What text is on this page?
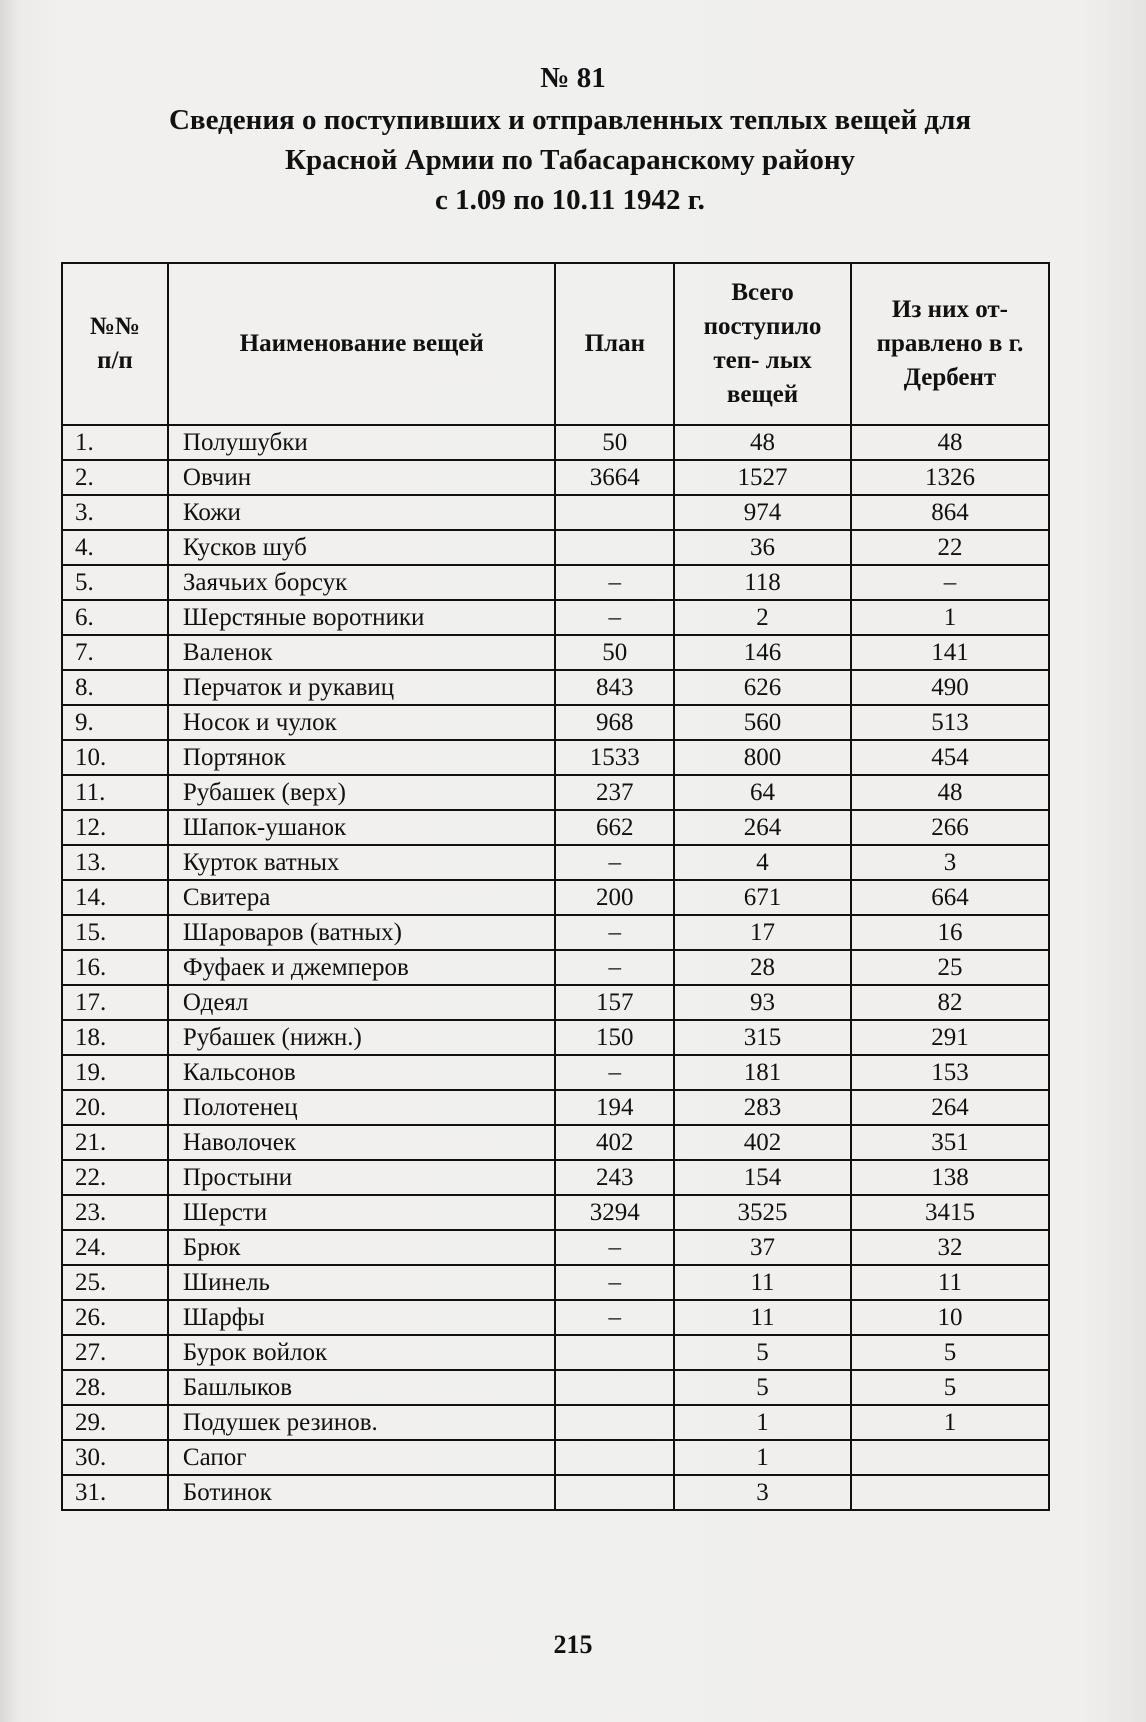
№ 81
Сведения о поступивших и отправленных теплых вещей для
Красной Армии по Табасаранскому району
с 1.09 по 10.11 1942 г.
№№ п/п	Наименование вещей	План	Всего поступило теп- лых вещей	Из них от- правлено в г. Дербент
1.	Полушубки	50	48	48
2.	Овчин	3664	1527	1326
3.	Кожи		974	864
4.	Кусков шуб		36	22
5.	Заячьих борсук	–	118	–
6.	Шерстяные воротники	–	2	1
7.	Валенок	50	146	141
8.	Перчаток и рукавиц	843	626	490
9.	Носок и чулок	968	560	513
10.	Портянок	1533	800	454
11.	Рубашек (верх)	237	64	48
12.	Шапок-ушанок	662	264	266
13.	Курток ватных	–	4	3
14.	Свитера	200	671	664
15.	Шароваров (ватных)	–	17	16
16.	Фуфаек и джемперов	–	28	25
17.	Одеял	157	93	82
18.	Рубашек (нижн.)	150	315	291
19.	Кальсонов	–	181	153
20.	Полотенец	194	283	264
21.	Наволочек	402	402	351
22.	Простыни	243	154	138
23.	Шерсти	3294	3525	3415
24.	Брюк	–	37	32
25.	Шинель	–	11	11
26.	Шарфы	–	11	10
27.	Бурок войлок		5	5
28.	Башлыков		5	5
29.	Подушек резинов.		1	1
30.	Сапог		1	
31.	Ботинок		3	
215
